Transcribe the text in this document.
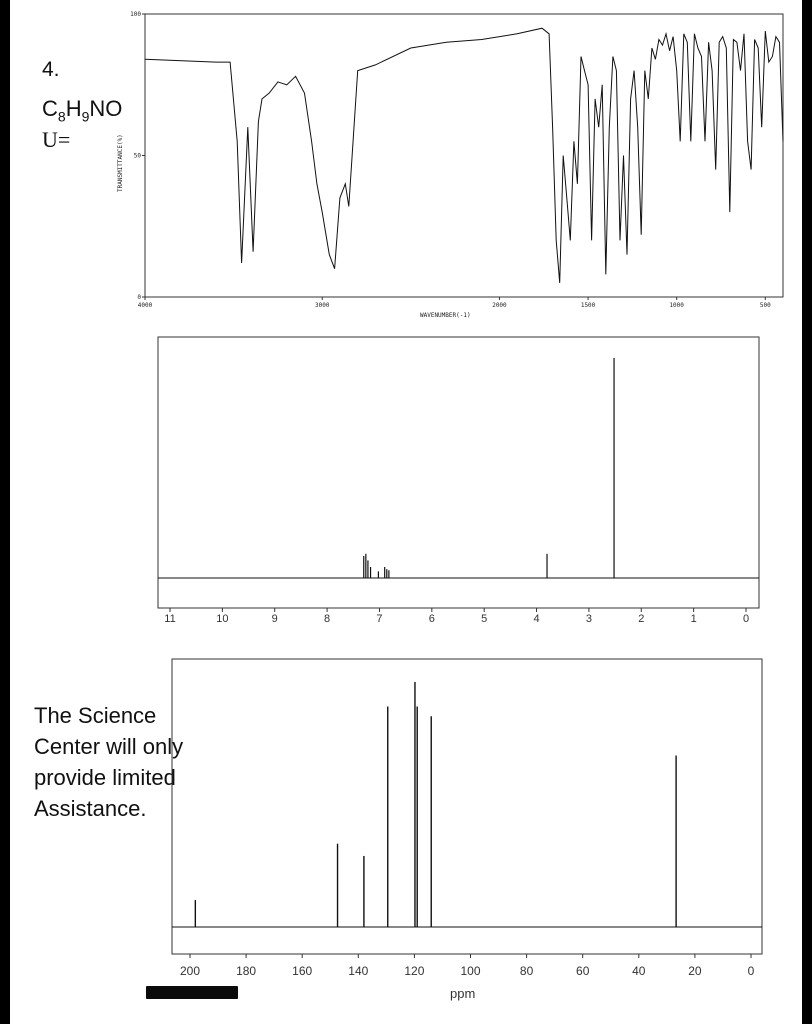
4.
$C_8H_9NO$
U=
The Science Center will only provide limited Assistance.
TRANSMITTANCE(%)
WAVENUMBER(-1)
4000	3000	2000	1500	1000	500
100
50
0
11	10	9	8	7	6	5	4	3	2	1	0
200	180	160	140	120	100	80	60	40	20	0
ppm
